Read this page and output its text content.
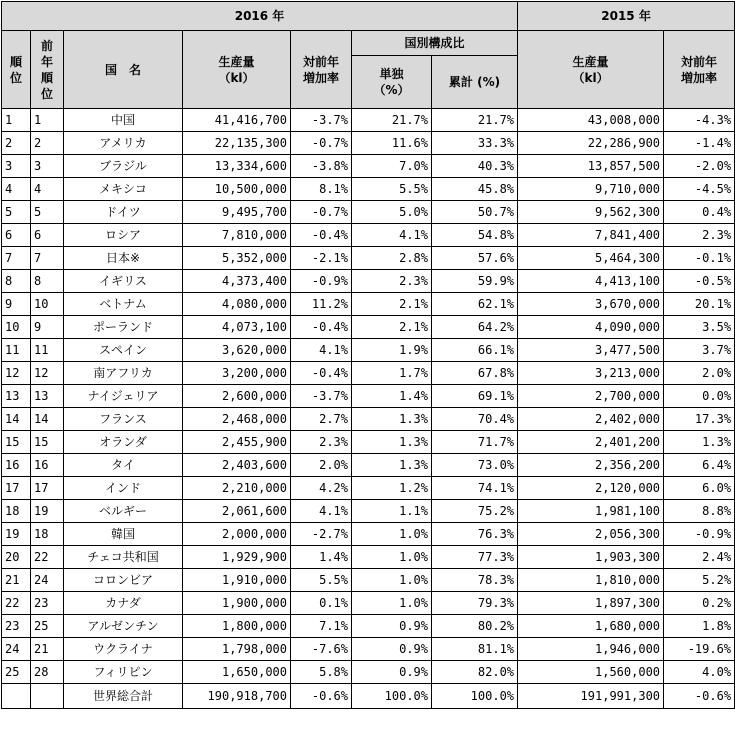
2016 年							2015 年	
順位	前年順位	国　名	生産量（kl）	対前年増加率	国別構成比		生産量（kl）	対前年増加率
					単独（%）	累計 (%)		
1	1	中国	41,416,700	-3.7%	21.7%	21.7%	43,008,000	-4.3%
2	2	アメリカ	22,135,300	-0.7%	11.6%	33.3%	22,286,900	-1.4%
3	3	ブラジル	13,334,600	-3.8%	7.0%	40.3%	13,857,500	-2.0%
4	4	メキシコ	10,500,000	8.1%	5.5%	45.8%	9,710,000	-4.5%
5	5	ドイツ	9,495,700	-0.7%	5.0%	50.7%	9,562,300	0.4%
6	6	ロシア	7,810,000	-0.4%	4.1%	54.8%	7,841,400	2.3%
7	7	日本※	5,352,000	-2.1%	2.8%	57.6%	5,464,300	-0.1%
8	8	イギリス	4,373,400	-0.9%	2.3%	59.9%	4,413,100	-0.5%
9	10	ベトナム	4,080,000	11.2%	2.1%	62.1%	3,670,000	20.1%
10	9	ポーランド	4,073,100	-0.4%	2.1%	64.2%	4,090,000	3.5%
11	11	スペイン	3,620,000	4.1%	1.9%	66.1%	3,477,500	3.7%
12	12	南アフリカ	3,200,000	-0.4%	1.7%	67.8%	3,213,000	2.0%
13	13	ナイジェリア	2,600,000	-3.7%	1.4%	69.1%	2,700,000	0.0%
14	14	フランス	2,468,000	2.7%	1.3%	70.4%	2,402,000	17.3%
15	15	オランダ	2,455,900	2.3%	1.3%	71.7%	2,401,200	1.3%
16	16	タイ	2,403,600	2.0%	1.3%	73.0%	2,356,200	6.4%
17	17	インド	2,210,000	4.2%	1.2%	74.1%	2,120,000	6.0%
18	19	ベルギー	2,061,600	4.1%	1.1%	75.2%	1,981,100	8.8%
19	18	韓国	2,000,000	-2.7%	1.0%	76.3%	2,056,300	-0.9%
20	22	チェコ共和国	1,929,900	1.4%	1.0%	77.3%	1,903,300	2.4%
21	24	コロンビア	1,910,000	5.5%	1.0%	78.3%	1,810,000	5.2%
22	23	カナダ	1,900,000	0.1%	1.0%	79.3%	1,897,300	0.2%
23	25	アルゼンチン	1,800,000	7.1%	0.9%	80.2%	1,680,000	1.8%
24	21	ウクライナ	1,798,000	-7.6%	0.9%	81.1%	1,946,000	-19.6%
25	28	フィリピン	1,650,000	5.8%	0.9%	82.0%	1,560,000	4.0%
		世界総合計	190,918,700	-0.6%	100.0%	100.0%	191,991,300	-0.6%
